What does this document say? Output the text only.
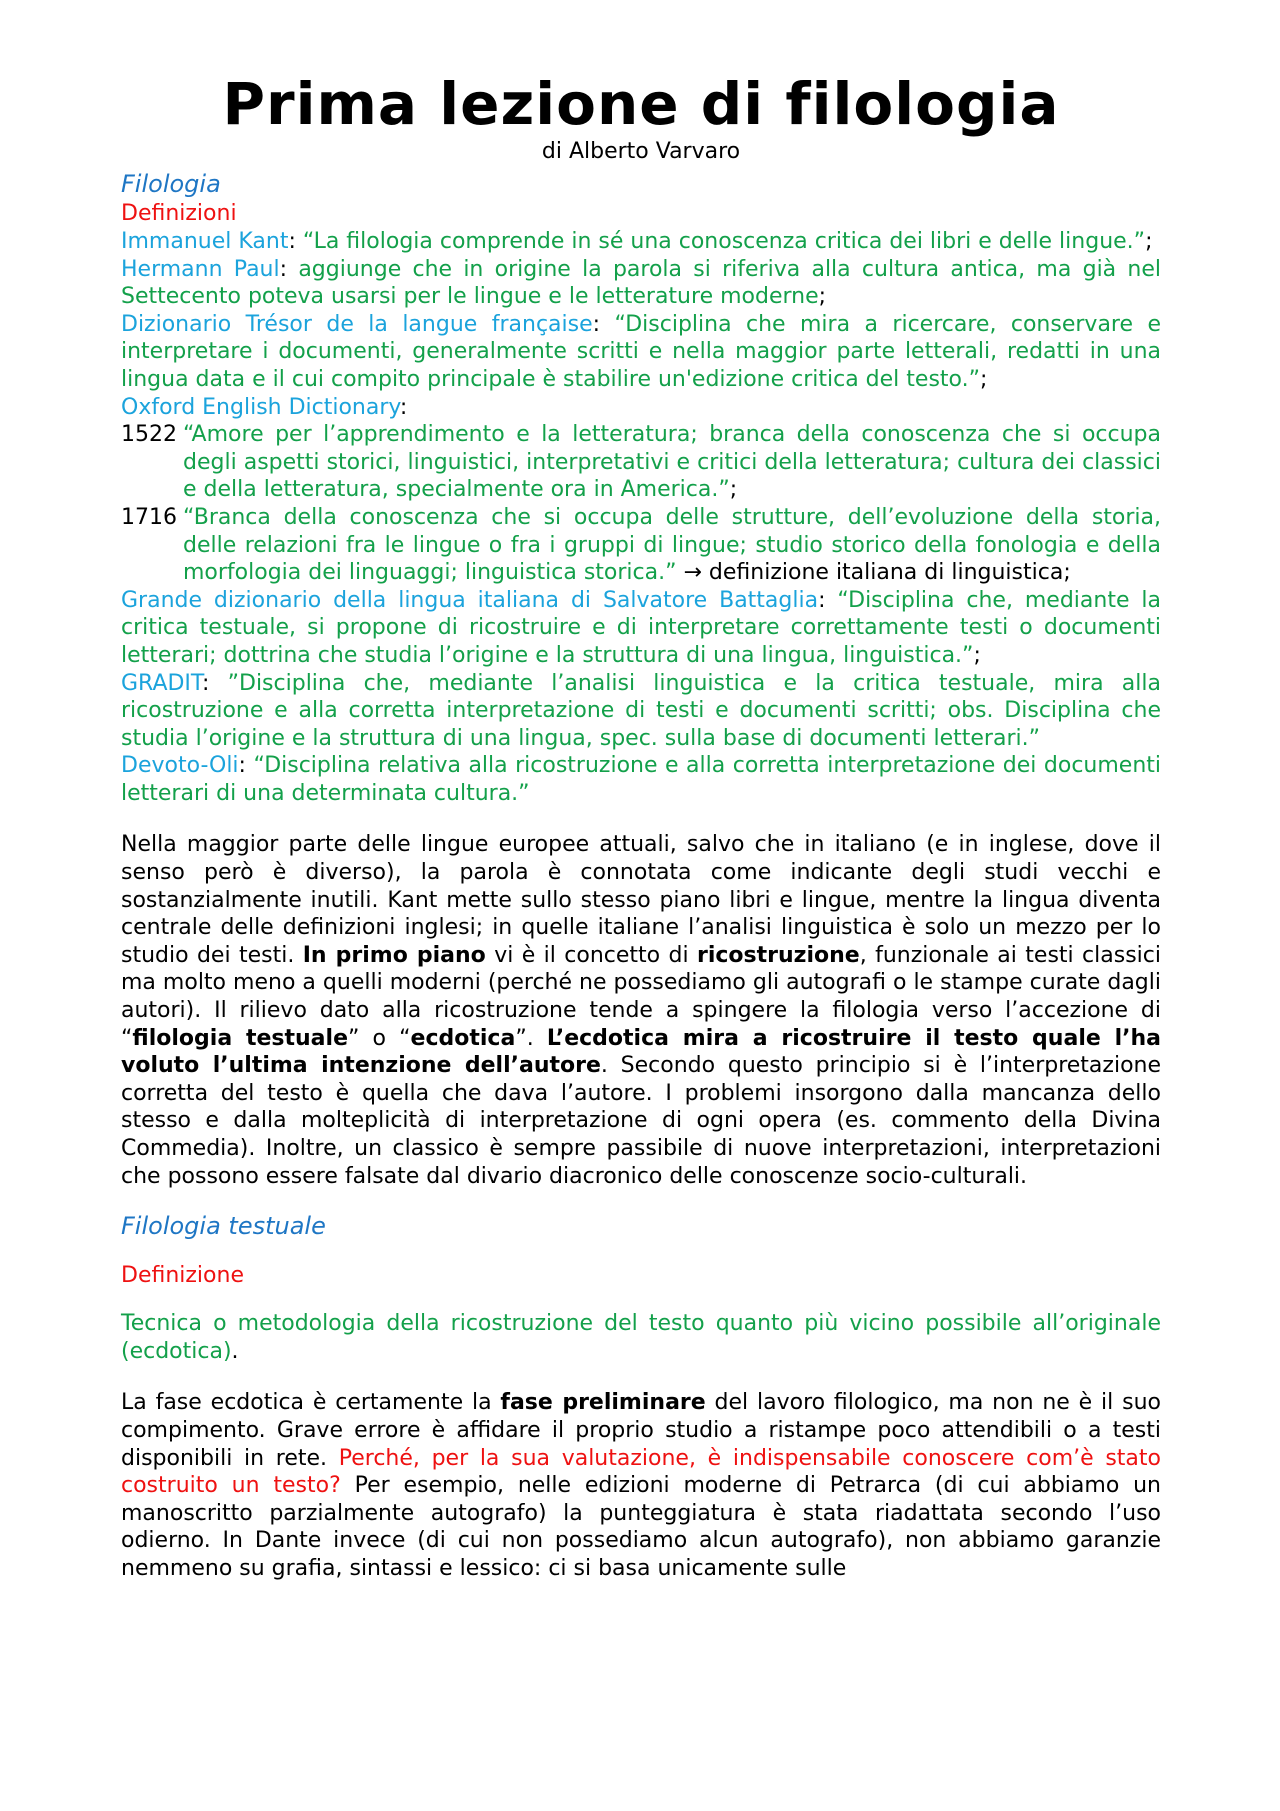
Prima lezione di filologia

di Alberto Varvaro

Filologia

Definizioni

Immanuel Kant: “La filologia comprende in sé una conoscenza critica dei libri e delle lingue.”;

Hermann Paul: aggiunge che in origine la parola si riferiva alla cultura antica, ma già nel Settecento poteva usarsi per le lingue e le letterature moderne;

Dizionario Trésor de la langue française: “Disciplina che mira a ricercare, conservare e interpretare i documenti, generalmente scritti e nella maggior parte letterali, redatti in una lingua data e il cui compito principale è stabilire un'edizione critica del testo.”;

Oxford English Dictionary:

1522 “Amore per l’apprendimento e la letteratura; branca della conoscenza che si occupa degli aspetti storici, linguistici, interpretativi e critici della letteratura; cultura dei classici e della letteratura, specialmente ora in America.”;
1716 “Branca della conoscenza che si occupa delle strutture, dell’evoluzione della storia, delle relazioni fra le lingue o fra i gruppi di lingue; studio storico della fonologia e della morfologia dei linguaggi; linguistica storica.” → definizione italiana di linguistica;

Grande dizionario della lingua italiana di Salvatore Battaglia: “Disciplina che, mediante la critica testuale, si propone di ricostruire e di interpretare correttamente testi o documenti letterari; dottrina che studia l’origine e la struttura di una lingua, linguistica.”;

GRADIT: ”Disciplina che, mediante l’analisi linguistica e la critica testuale, mira alla ricostruzione e alla corretta interpretazione di testi e documenti scritti; obs. Disciplina che studia l’origine e la struttura di una lingua, spec. sulla base di documenti letterari.”

Devoto-Oli: “Disciplina relativa alla ricostruzione e alla corretta interpretazione dei documenti letterari di una determinata cultura.”

Nella maggior parte delle lingue europee attuali, salvo che in italiano (e in inglese, dove il senso però è diverso), la parola è connotata come indicante degli studi vecchi e sostanzialmente inutili. Kant mette sullo stesso piano libri e lingue, mentre la lingua diventa centrale delle definizioni inglesi; in quelle italiane l’analisi linguistica è solo un mezzo per lo studio dei testi. In primo piano vi è il concetto di ricostruzione, funzionale ai testi classici ma molto meno a quelli moderni (perché ne possediamo gli autografi o le stampe curate dagli autori). Il rilievo dato alla ricostruzione tende a spingere la filologia verso l’accezione di “filologia testuale” o “ecdotica”. L’ecdotica mira a ricostruire il testo quale l’ha voluto l’ultima intenzione dell’autore. Secondo questo principio si è l’interpretazione corretta del testo è quella che dava l’autore. I problemi insorgono dalla mancanza dello stesso e dalla molteplicità di interpretazione di ogni opera (es. commento della Divina Commedia). Inoltre, un classico è sempre passibile di nuove interpretazioni, interpretazioni che possono essere falsate dal divario diacronico delle conoscenze socio-culturali.

Filologia testuale

Definizione

Tecnica o metodologia della ricostruzione del testo quanto più vicino possibile all’originale (ecdotica).

La fase ecdotica è certamente la fase preliminare del lavoro filologico, ma non ne è il suo compimento. Grave errore è affidare il proprio studio a ristampe poco attendibili o a testi disponibili in rete. Perché, per la sua valutazione, è indispensabile conoscere com’è stato costruito un testo? Per esempio, nelle edizioni moderne di Petrarca (di cui abbiamo un manoscritto parzialmente autografo) la punteggiatura è stata riadattata secondo l’uso odierno. In Dante invece (di cui non possediamo alcun autografo), non abbiamo garanzie nemmeno su grafia, sintassi e lessico: ci si basa unicamente sulle
